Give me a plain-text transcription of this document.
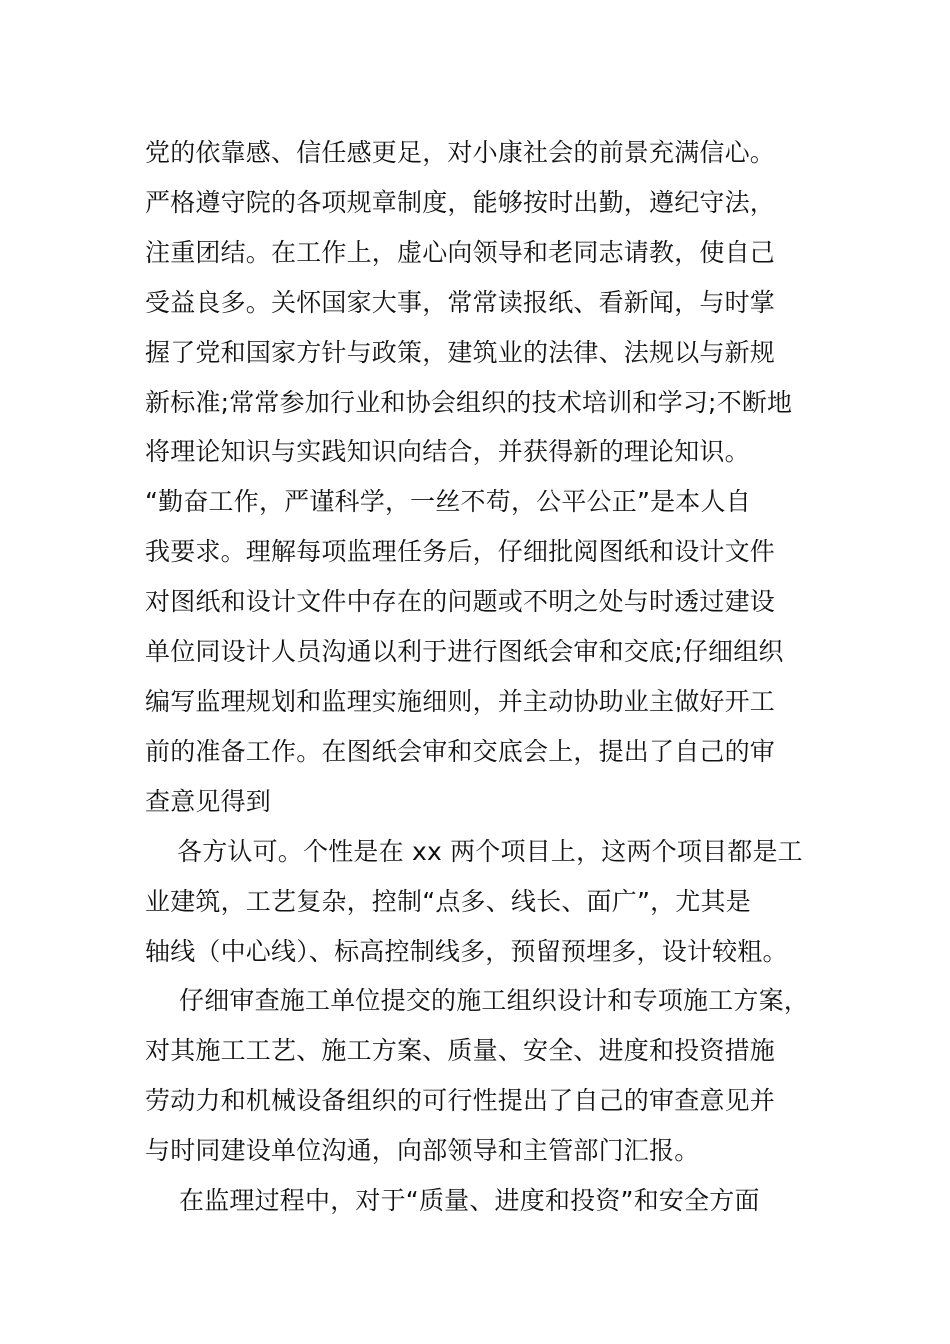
党的依靠感、信任感更足，对小康社会的前景充满信心。
严格遵守院的各项规章制度，能够按时出勤，遵纪守法，
注重团结。在工作上，虚心向领导和老同志请教，使自己
受益良多。关怀国家大事，常常读报纸、看新闻，与时掌
握了党和国家方针与政策，建筑业的法律、法规以与新规
新标准;常常参加行业和协会组织的技术培训和学习;不断地
将理论知识与实践知识向结合，并获得新的理论知识。
“勤奋工作，严谨科学，一丝不苟，公平公正”是本人自
我要求。理解每项监理任务后，仔细批阅图纸和设计文件
对图纸和设计文件中存在的问题或不明之处与时透过建设
单位同设计人员沟通以利于进行图纸会审和交底;仔细组织
编写监理规划和监理实施细则，并主动协助业主做好开工
前的准备工作。在图纸会审和交底会上，提出了自己的审
查意见得到
各方认可。个性是在 xx 两个项目上，这两个项目都是工
业建筑，工艺复杂，控制“点多、线长、面广”，尤其是
轴线（中心线）、标高控制线多，预留预埋多，设计较粗。
仔细审查施工单位提交的施工组织设计和专项施工方案，
对其施工工艺、施工方案、质量、安全、进度和投资措施
劳动力和机械设备组织的可行性提出了自己的审查意见并
与时同建设单位沟通，向部领导和主管部门汇报。
在监理过程中，对于“质量、进度和投资”和安全方面
